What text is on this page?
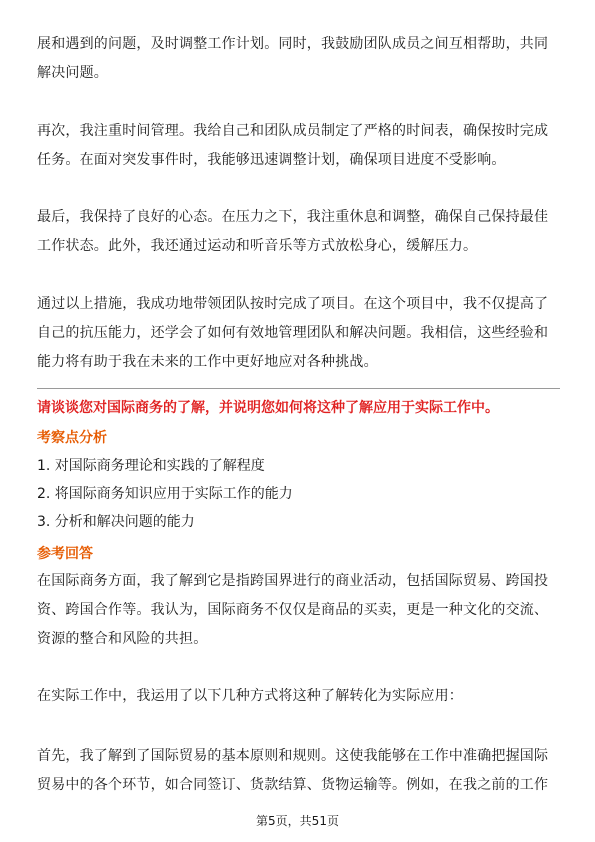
展和遇到的问题，及时调整工作计划。同时，我鼓励团队成员之间互相帮助，共同解决问题。

再次，我注重时间管理。我给自己和团队成员制定了严格的时间表，确保按时完成任务。在面对突发事件时，我能够迅速调整计划，确保项目进度不受影响。

最后，我保持了良好的心态。在压力之下，我注重休息和调整，确保自己保持最佳工作状态。此外，我还通过运动和听音乐等方式放松身心，缓解压力。

通过以上措施，我成功地带领团队按时完成了项目。在这个项目中，我不仅提高了自己的抗压能力，还学会了如何有效地管理团队和解决问题。我相信，这些经验和能力将有助于我在未来的工作中更好地应对各种挑战。

请谈谈您对国际商务的了解，并说明您如何将这种了解应用于实际工作中。

考察点分析

1. 对国际商务理论和实践的了解程度

2. 将国际商务知识应用于实际工作的能力

3. 分析和解决问题的能力

参考回答

在国际商务方面，我了解到它是指跨国界进行的商业活动，包括国际贸易、跨国投资、跨国合作等。我认为，国际商务不仅仅是商品的买卖，更是一种文化的交流、资源的整合和风险的共担。

在实际工作中，我运用了以下几种方式将这种了解转化为实际应用：

首先，我了解到了国际贸易的基本原则和规则。这使我能够在工作中准确把握国际贸易中的各个环节，如合同签订、货款结算、货物运输等。例如，在我之前的工作

第5页，共51页
